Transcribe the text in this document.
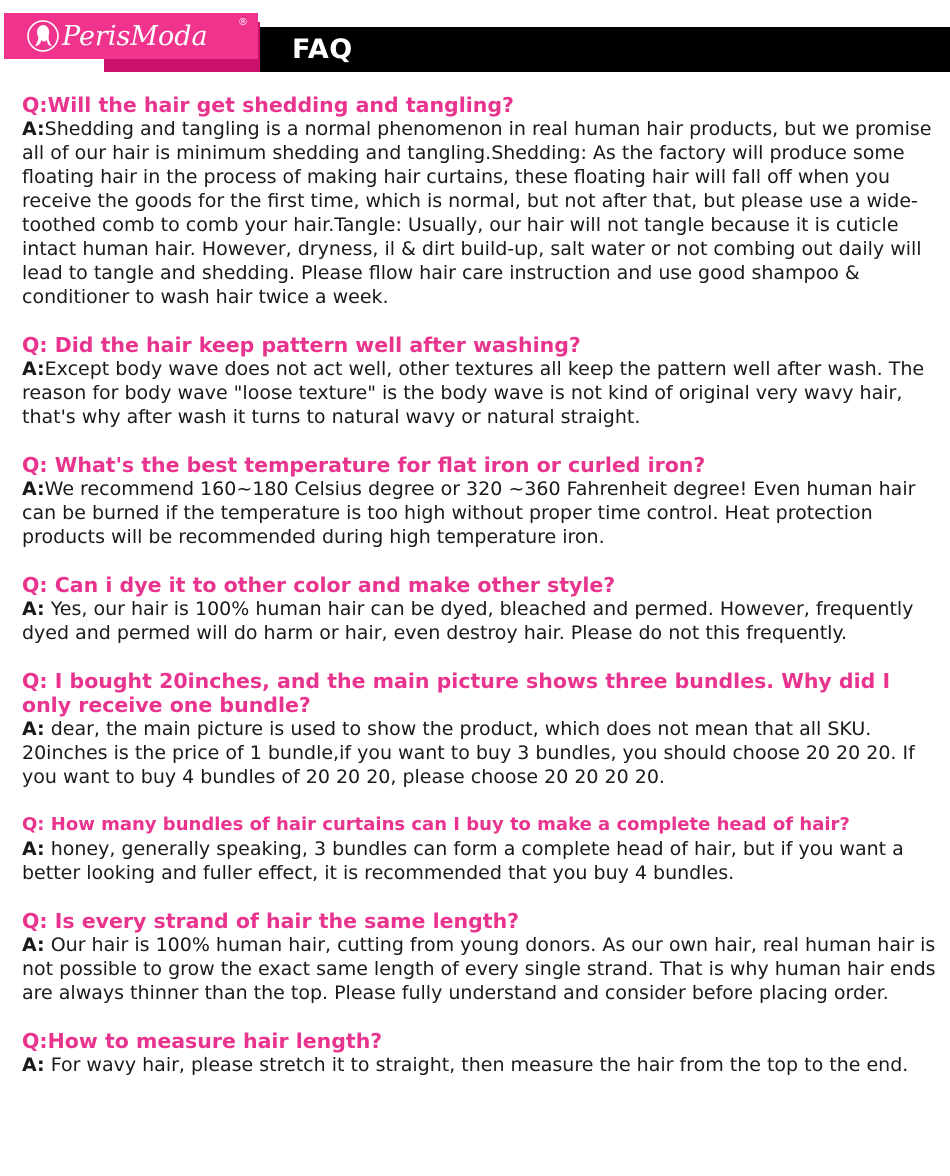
FAQ
PerisModa	®

Q:Will the hair get shedding and tangling?

A:Shedding and tangling is a normal phenomenon in real human hair products, but we promise all of our hair is minimum shedding and tangling.Shedding: As the factory will produce some floating hair in the process of making hair curtains, these floating hair will fall off when you receive the goods for the first time, which is normal, but not after that, but please use a wide-toothed comb to comb your hair.Tangle: Usually, our hair will not tangle because it is cuticle intact human hair. However, dryness, il & dirt build-up, salt water or not combing out daily will lead to tangle and shedding. Please fllow hair care instruction and use good shampoo & conditioner to wash hair twice a week.

Q: Did the hair keep pattern well after washing?

A:Except body wave does not act well, other textures all keep the pattern well after wash. The reason for body wave "loose texture" is the body wave is not kind of original very wavy hair, that's why after wash it turns to natural wavy or natural straight.

Q: What's the best temperature for flat iron or curled iron?

A:We recommend 160~180 Celsius degree or 320 ~360 Fahrenheit degree! Even human hair can be burned if the temperature is too high without proper time control. Heat protection products will be recommended during high temperature iron.

Q: Can i dye it to other color and make other style?

A: Yes, our hair is 100% human hair can be dyed, bleached and permed. However, frequently dyed and permed will do harm or hair, even destroy hair. Please do not this frequently.

Q: I bought 20inches, and the main picture shows three bundles. Why did I only receive one bundle?

A: dear, the main picture is used to show the product, which does not mean that all SKU. 20inches is the price of 1 bundle,if you want to buy 3 bundles, you should choose 20 20 20. If you want to buy 4 bundles of 20 20 20, please choose 20 20 20 20.

Q: How many bundles of hair curtains can I buy to make a complete head of hair?

A: honey, generally speaking, 3 bundles can form a complete head of hair, but if you want a better looking and fuller effect, it is recommended that you buy 4 bundles.

Q: Is every strand of hair the same length?

A: Our hair is 100% human hair, cutting from young donors. As our own hair, real human hair is not possible to grow the exact same length of every single strand. That is why human hair ends are always thinner than the top. Please fully understand and consider before placing order.

Q:How to measure hair length?

A: For wavy hair, please stretch it to straight, then measure the hair from the top to the end.
